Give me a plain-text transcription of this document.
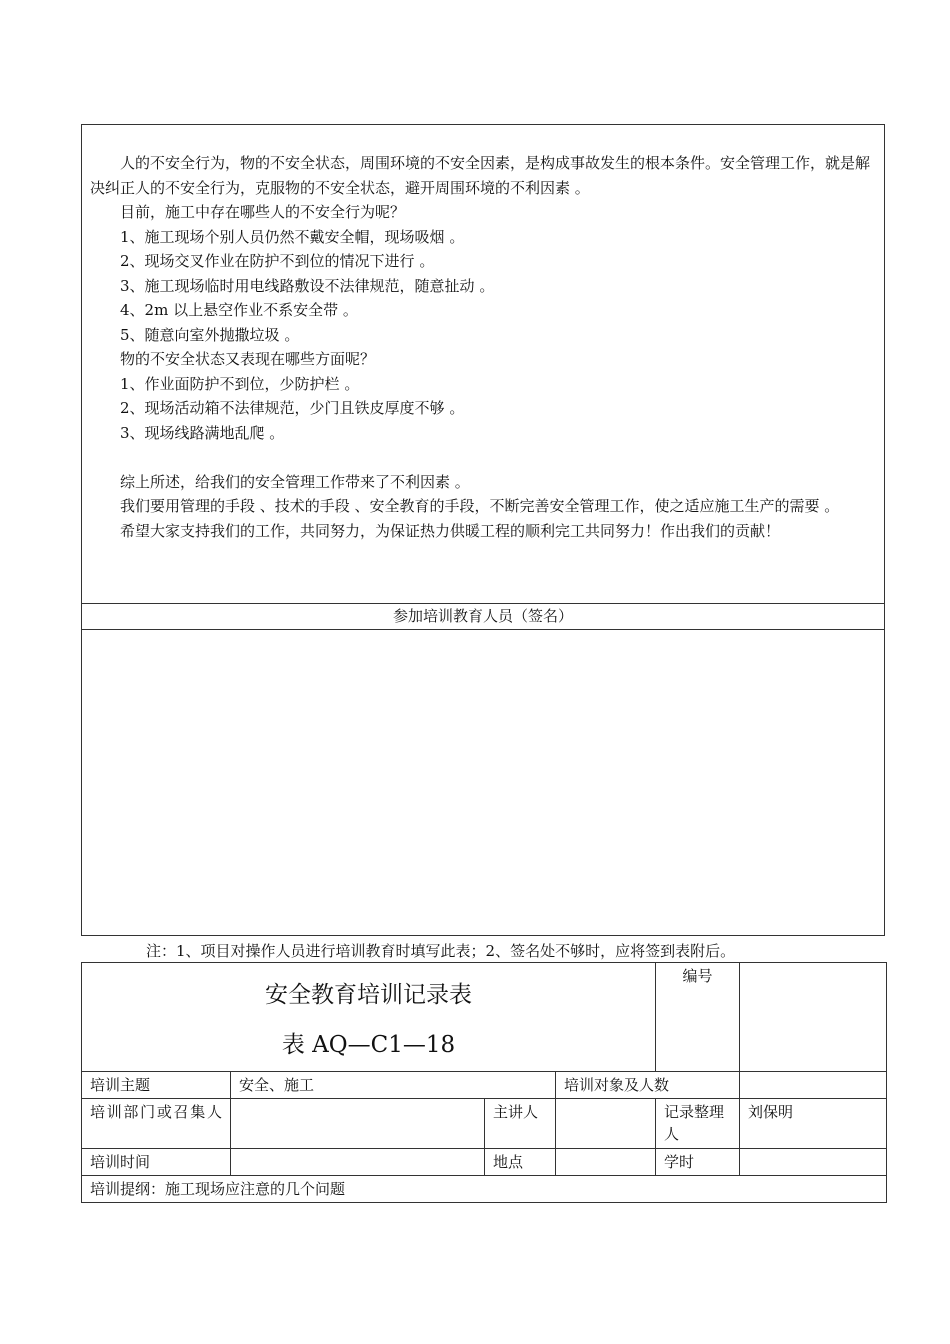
人的不安全行为，物的不安全状态，周围环境的不安全因素，是构成事故发生的根本条件。安全管理工作，就是解决纠正人的不安全行为，克服物的不安全状态，避开周围环境的不利因素 。

目前，施工中存在哪些人的不安全行为呢？

1、施工现场个别人员仍然不戴安全帽，现场吸烟 。

2、现场交叉作业在防护不到位的情况下进行 。

3、施工现场临时用电线路敷设不法律规范，随意扯动 。

4、2m 以上悬空作业不系安全带 。

5、随意向室外抛撒垃圾 。

物的不安全状态又表现在哪些方面呢？

1、作业面防护不到位，少防护栏 。

2、现场活动箱不法律规范，少门且铁皮厚度不够 。

3、现场线路满地乱爬 。

综上所述，给我们的安全管理工作带来了不利因素 。

我们要用管理的手段 、技术的手段 、安全教育的手段，不断完善安全管理工作，使之适应施工生产的需要 。

希望大家支持我们的工作，共同努力，为保证热力供暖工程的顺利完工共同努力！作出我们的贡献！

参加培训教育人员（签名）
注：1、项目对操作人员进行培训教育时填写此表；2、签名处不够时，应将签到表附后。
安全教育培训记录表
表 AQ—C1—18				编号	
培训主题	安全、施工		培训对象及人数		
培训部门或召集人		主讲人		记录整理人	刘保明
培训时间		地点		学时	
培训提纲：施工现场应注意的几个问题					
